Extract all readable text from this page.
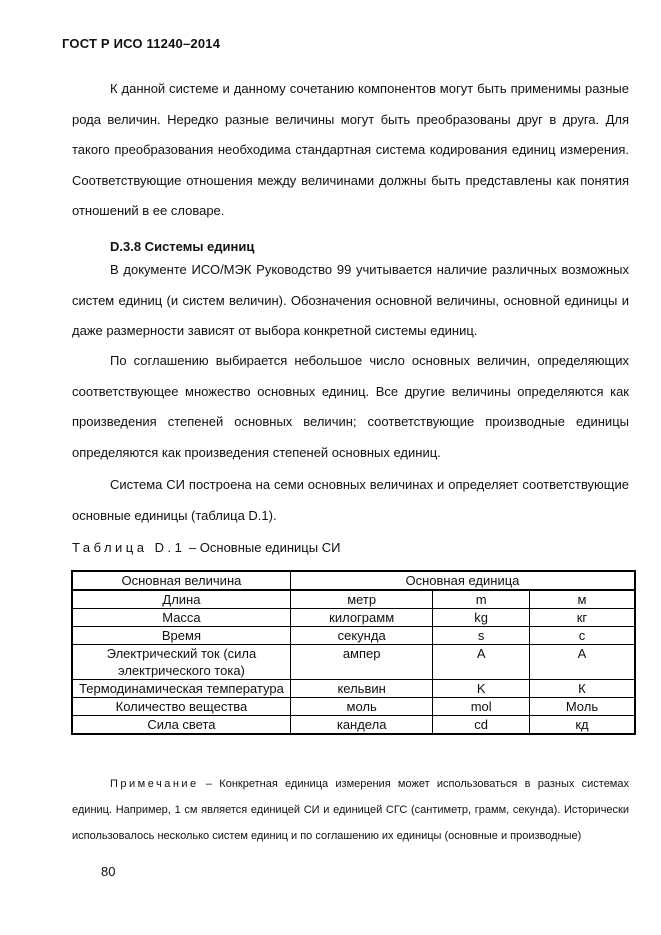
ГОСТ Р ИСО 11240–2014

К данной системе и данному сочетанию компонентов могут быть применимы разные рода величин. Нередко разные величины могут быть преобразованы друг в друга. Для такого преобразования необходима стандартная система кодирования единиц измерения. Соответствующие отношения между величинами должны быть представлены как понятия отношений в ее словаре.

D.3.8 Системы единиц

В документе ИСО/МЭК Руководство 99 учитывается наличие различных возможных систем единиц (и систем величин). Обозначения основной величины, основной единицы и даже размерности зависят от выбора конкретной системы единиц.

По соглашению выбирается небольшое число основных величин, определяющих соответствующее множество основных единиц. Все другие величины определяются как произведения степеней основных величин; соответствующие производные единицы определяются как произведения степеней основных единиц.

Система СИ построена на семи основных величинах и определяет соответствующие основные единицы (таблица D.1).

Таблица D.1 – Основные единицы СИ
Основная величина	Основная единица		
Длина	метр	m	м
Масса	килограмм	kg	кг
Время	секунда	s	с
Электрический ток (сила электрического тока)	ампер	A	А
Термодинамическая температура	кельвин	K	К
Количество вещества	моль	mol	Моль
Сила света	кандела	cd	кд

Примечание – Конкретная единица измерения может использоваться в разных системах единиц. Например, 1 см является единицей СИ и единицей СГС (сантиметр, грамм, секунда). Исторически использовалось несколько систем единиц и по соглашению их единицы (основные и производные)

80
